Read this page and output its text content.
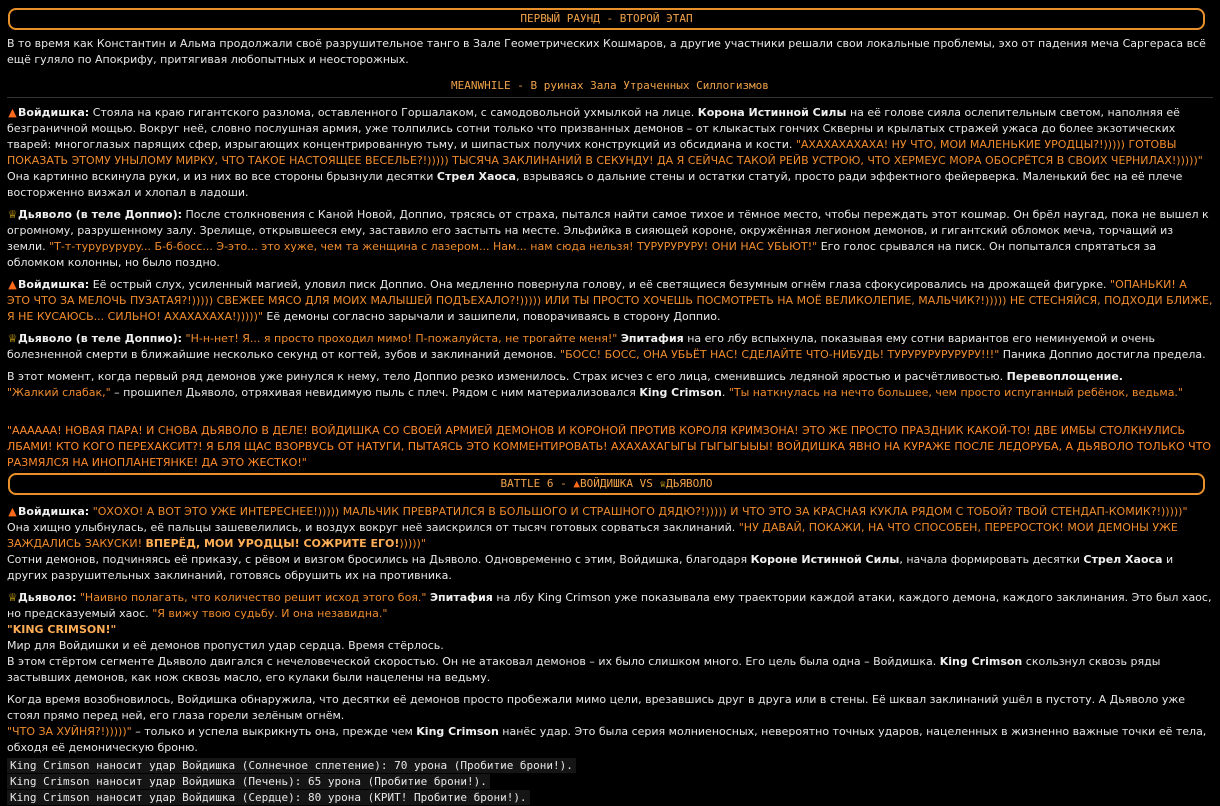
ПЕРВЫЙ РАУНД - ВТОРОЙ ЭТАП

В то время как Константин и Альма продолжали своё разрушительное танго в Зале Геометрических Кошмаров, а другие участники решали свои локальные проблемы, эхо от падения меча Саргераса всё ещё гуляло по Апокрифу, притягивая любопытных и неосторожных.

MEANWHILE - В руинах Зала Утраченных Силлогизмов

▲Войдишка: Стояла на краю гигантского разлома, оставленного Горшалаком, с самодовольной ухмылкой на лице. Корона Истинной Силы на её голове сияла ослепительным светом, наполняя её безграничной мощью. Вокруг неё, словно послушная армия, уже толпились сотни только что призванных демонов – от клыкастых гончих Скверны и крылатых стражей ужаса до более экзотических тварей: многоглазых парящих сфер, изрыгающих концентрированную тьму, и шипастых получих конструкций из обсидиана и кости. "АХАХАХАХАХА! НУ ЧТО, МОИ МАЛЕНЬКИЕ УРОДЦЫ?!))))) ГОТОВЫ ПОКАЗАТЬ ЭТОМУ УНЫЛОМУ МИРКУ, ЧТО ТАКОЕ НАСТОЯЩЕЕ ВЕСЕЛЬЕ?!))))) ТЫСЯЧА ЗАКЛИНАНИЙ В СЕКУНДУ! ДА Я СЕЙЧАС ТАКОЙ РЕЙВ УСТРОЮ, ЧТО ХЕРМЕУС МОРА ОБОСРЁТСЯ В СВОИХ ЧЕРНИЛАХ!)))))" Она картинно вскинула руки, и из них во все стороны брызнули десятки Стрел Хаоса, взрываясь о дальние стены и остатки статуй, просто ради эффектного фейерверка. Маленький бес на её плече восторженно визжал и хлопал в ладоши.

♕Дьяволо (в теле Доппио): После столкновения с Каной Новой, Доппио, трясясь от страха, пытался найти самое тихое и тёмное место, чтобы переждать этот кошмар. Он брёл наугад, пока не вышел к огромному, разрушенному залу. Зрелище, открывшееся ему, заставило его застыть на месте. Эльфийка в сияющей короне, окружённая легионом демонов, и гигантский обломок меча, торчащий из земли. "Т-т-турурурурy... Б-б-босс... Э-это... это хуже, чем та женщина с лазером... Нам... нам сюда нельзя! ТУРУРУРУРУ! ОНИ НАС УБЬЮТ!" Его голос срывался на писк. Он попытался спрятаться за обломком колонны, но было поздно.

▲Войдишка: Её острый слух, усиленный магией, уловил писк Доппио. Она медленно повернула голову, и её светящиеся безумным огнём глаза сфокусировались на дрожащей фигурке. "ОПАНЬКИ! А ЭТО ЧТО ЗА МЕЛОЧЬ ПУЗАТАЯ?!))))) СВЕЖЕЕ МЯСО ДЛЯ МОИХ МАЛЫШЕЙ ПОДЪЕХАЛО?!))))) ИЛИ ТЫ ПРОСТО ХОЧЕШЬ ПОСМОТРЕТЬ НА МОЁ ВЕЛИКОЛЕПИЕ, МАЛЬЧИК?!))))) НЕ СТЕСНЯЙСЯ, ПОДХОДИ БЛИЖЕ, Я НЕ КУСАЮСЬ... СИЛЬНО! АХАХАХАХА!)))))" Её демоны согласно зарычали и зашипели, поворачиваясь в сторону Доппио.

♕Дьяволо (в теле Доппио): "Н-н-нет! Я... я просто проходил мимо! П-пожалуйста, не трогайте меня!" Эпитафия на его лбу вспыхнула, показывая ему сотни вариантов его неминуемой и очень болезненной смерти в ближайшие несколько секунд от когтей, зубов и заклинаний демонов. "БОСС! БОСС, ОНА УБЬЁТ НАС! СДЕЛАЙТЕ ЧТО-НИБУДЬ! ТУРУРУРУРУРУРУ!!!" Паника Доппио достигла предела.

В этот момент, когда первый ряд демонов уже ринулся к нему, тело Доппио резко изменилось. Страх исчез с его лица, сменившись ледяной яростью и расчётливостью. Перевоплощение.
"Жалкий слабак," – прошипел Дьяволо, отряхивая невидимую пыль с плеч. Рядом с ним материализовался King Crimson. "Ты наткнулась на нечто большее, чем просто испуганный ребёнок, ведьма."

"АААААА! НОВАЯ ПАРА! И СНОВА ДЬЯВОЛО В ДЕЛЕ! ВОЙДИШКА СО СВОЕЙ АРМИЕЙ ДЕМОНОВ И КОРОНОЙ ПРОТИВ КОРОЛЯ КРИМЗОНА! ЭТО ЖЕ ПРОСТО ПРАЗДНИК КАКОЙ-ТО! ДВЕ ИМБЫ СТОЛКНУЛИСЬ ЛБАМИ! КТО КОГО ПЕРЕХАКСИТ?! Я БЛЯ ЩАС ВЗОРВУСЬ ОТ НАТУГИ, ПЫТАЯСЬ ЭТО КОММЕНТИРОВАТЬ! АХАХАХАГЫГЫ ГЫГЫГЫЫЫ! ВОЙДИШКА ЯВНО НА КУРАЖЕ ПОСЛЕ ЛЕДОРУБА, А ДЬЯВОЛО ТОЛЬКО ЧТО РАЗМЯЛСЯ НА ИНОПЛАНЕТЯНКЕ! ДА ЭТО ЖЕСТКО!"

BATTLE 6 - ▲ВОЙДИШКА VS ♕ДЬЯВОЛО

▲Войдишка: "ОХОХО! А ВОТ ЭТО УЖЕ ИНТЕРЕСНЕЕ!))))) МАЛЬЧИК ПРЕВРАТИЛСЯ В БОЛЬШОГО И СТРАШНОГО ДЯДЮ?!))))) И ЧТО ЭТО ЗА КРАСНАЯ КУКЛА РЯДОМ С ТОБОЙ? ТВОЙ СТЕНДАП-КОМИК?!)))))" Она хищно улыбнулась, её пальцы зашевелились, и воздух вокруг неё заискрился от тысяч готовых сорваться заклинаний. "НУ ДАВАЙ, ПОКАЖИ, НА ЧТО СПОСОБЕН, ПЕРЕРОСТОК! МОИ ДЕМОНЫ УЖЕ ЗАЖДАЛИСЬ ЗАКУСКИ! ВПЕРЁД, МОИ УРОДЦЫ! СОЖРИТЕ ЕГО!)))))"
Сотни демонов, подчиняясь её приказу, с рёвом и визгом бросились на Дьяволо. Одновременно с этим, Войдишка, благодаря Короне Истинной Силы, начала формировать десятки Стрел Хаоса и других разрушительных заклинаний, готовясь обрушить их на противника.

♕Дьяволо: "Наивно полагать, что количество решит исход этого боя." Эпитафия на лбу King Crimson уже показывала ему траектории каждой атаки, каждого демона, каждого заклинания. Это был хаос, но предсказуемый хаос. "Я вижу твою судьбу. И она незавидна."
"KING CRIMSON!"
Мир для Войдишки и её демонов пропустил удар сердца. Время стёрлось.
В этом стёртом сегменте Дьяволо двигался с нечеловеческой скоростью. Он не атаковал демонов – их было слишком много. Его цель была одна – Войдишка. King Crimson скользнул сквозь ряды застывших демонов, как нож сквозь масло, его кулаки были нацелены на ведьму.

Когда время возобновилось, Войдишка обнаружила, что десятки её демонов просто пробежали мимо цели, врезавшись друг в друга или в стены. Её шквал заклинаний ушёл в пустоту. А Дьяволо уже стоял прямо перед ней, его глаза горели зелёным огнём.
"ЧТО ЗА ХУЙНЯ?!)))))" – только и успела выкрикнуть она, прежде чем King Crimson нанёс удар. Это была серия молниеносных, невероятно точных ударов, нацеленных в жизненно важные точки её тела, обходя её демоническую броню.

King Crimson наносит удар Войдишка (Солнечное сплетение): 70 урона (Пробитие брони!).
King Crimson наносит удар Войдишка (Печень): 65 урона (Пробитие брони!).
King Crimson наносит удар Войдишка (Сердце): 80 урона (КРИТ! Пробитие брони!).
